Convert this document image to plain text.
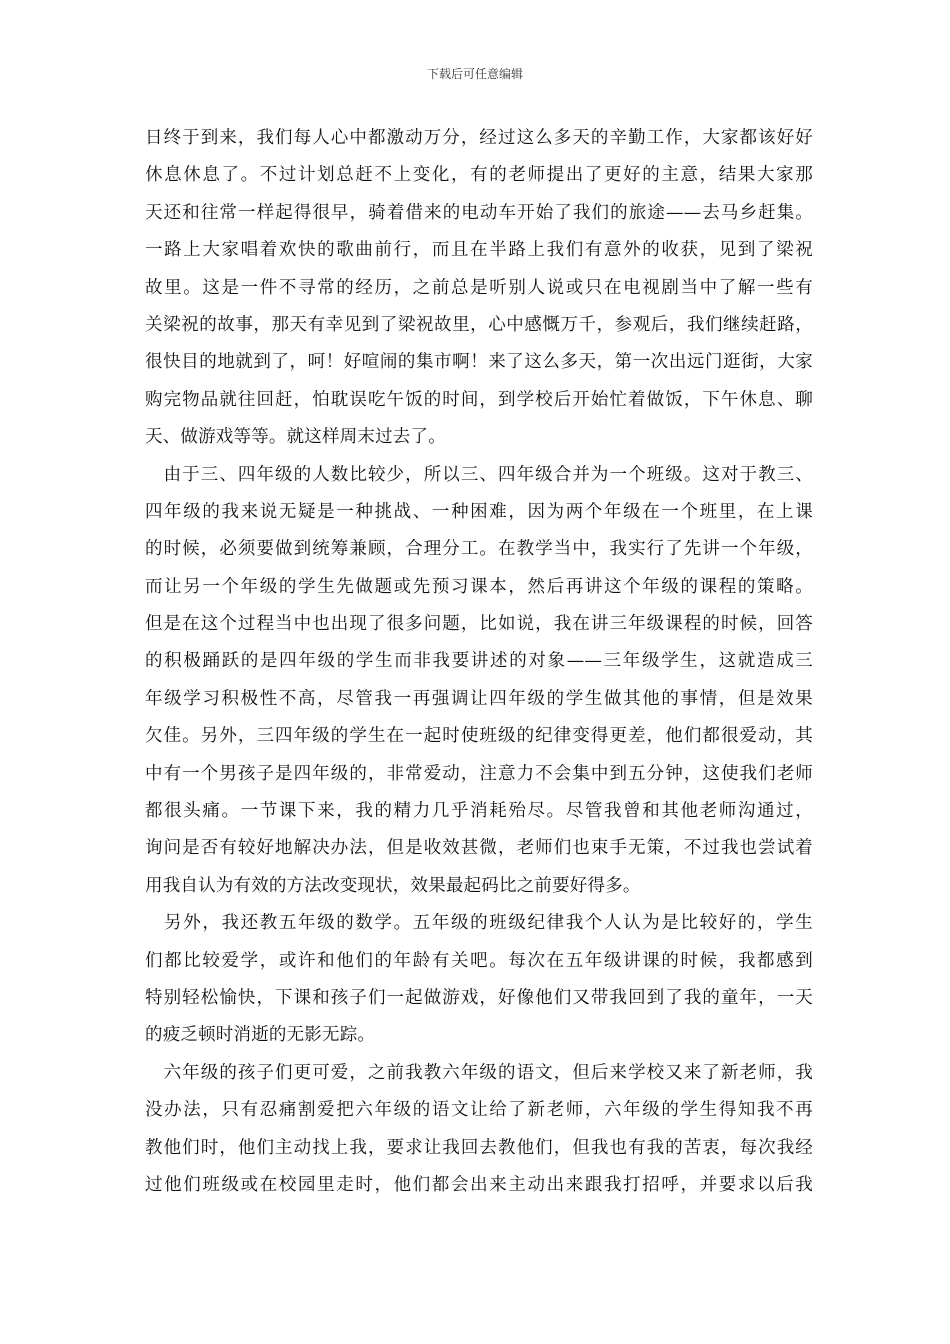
下载后可任意编辑
日终于到来，我们每人心中都激动万分，经过这么多天的辛勤工作，大家都该好好
休息休息了。不过计划总赶不上变化，有的老师提出了更好的主意，结果大家那
天还和往常一样起得很早，骑着借来的电动车开始了我们的旅途——去马乡赶集。
一路上大家唱着欢快的歌曲前行，而且在半路上我们有意外的收获，见到了梁祝
故里。这是一件不寻常的经历，之前总是听别人说或只在电视剧当中了解一些有
关梁祝的故事，那天有幸见到了梁祝故里，心中感慨万千，参观后，我们继续赶路，
很快目的地就到了，呵！好喧闹的集市啊！来了这么多天，第一次出远门逛街，大家
购完物品就往回赶，怕耽误吃午饭的时间，到学校后开始忙着做饭，下午休息、聊
天、做游戏等等。就这样周末过去了。
　由于三、四年级的人数比较少，所以三、四年级合并为一个班级。这对于教三、
四年级的我来说无疑是一种挑战、一种困难，因为两个年级在一个班里，在上课
的时候，必须要做到统筹兼顾，合理分工。在教学当中，我实行了先讲一个年级，
而让另一个年级的学生先做题或先预习课本，然后再讲这个年级的课程的策略。
但是在这个过程当中也出现了很多问题，比如说，我在讲三年级课程的时候，回答
的积极踊跃的是四年级的学生而非我要讲述的对象——三年级学生，这就造成三
年级学习积极性不高，尽管我一再强调让四年级的学生做其他的事情，但是效果
欠佳。另外，三四年级的学生在一起时使班级的纪律变得更差，他们都很爱动，其
中有一个男孩子是四年级的，非常爱动，注意力不会集中到五分钟，这使我们老师
都很头痛。一节课下来，我的精力几乎消耗殆尽。尽管我曾和其他老师沟通过，
询问是否有较好地解决办法，但是收效甚微，老师们也束手无策，不过我也尝试着
用我自认为有效的方法改变现状，效果最起码比之前要好得多。
　另外，我还教五年级的数学。五年级的班级纪律我个人认为是比较好的，学生
们都比较爱学，或许和他们的年龄有关吧。每次在五年级讲课的时候，我都感到
特别轻松愉快，下课和孩子们一起做游戏，好像他们又带我回到了我的童年，一天
的疲乏顿时消逝的无影无踪。
　六年级的孩子们更可爱，之前我教六年级的语文，但后来学校又来了新老师，我
没办法，只有忍痛割爱把六年级的语文让给了新老师，六年级的学生得知我不再
教他们时，他们主动找上我，要求让我回去教他们，但我也有我的苦衷，每次我经
过他们班级或在校园里走时，他们都会出来主动出来跟我打招呼，并要求以后我
